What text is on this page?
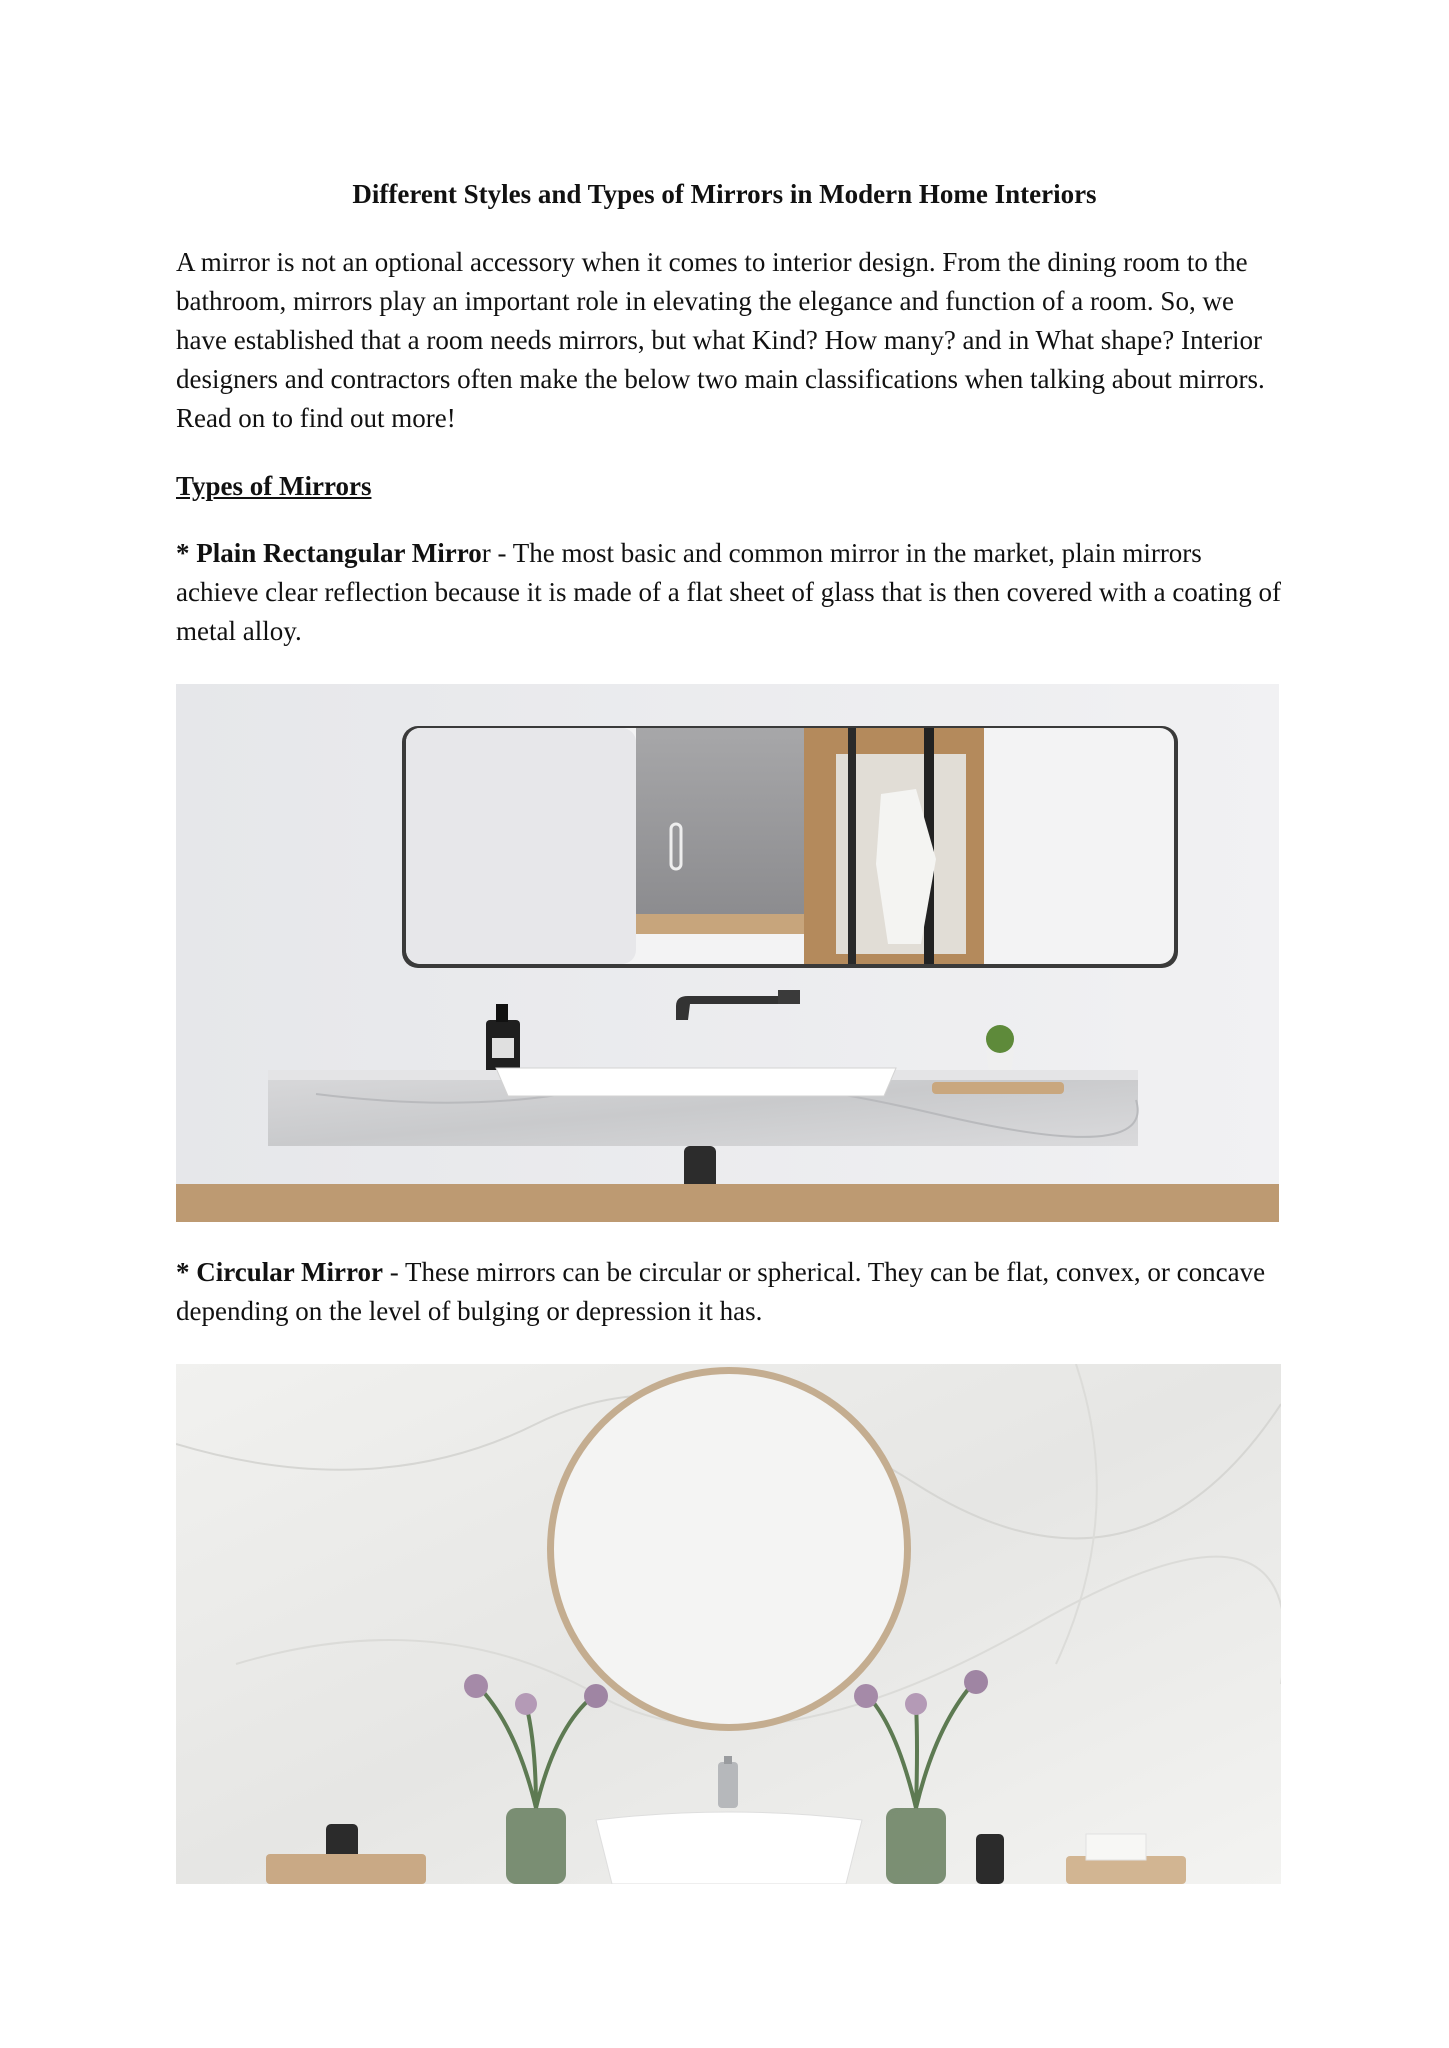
Different Styles and Types of Mirrors in Modern Home Interiors

A mirror is not an optional accessory when it comes to interior design. From the dining room to the bathroom, mirrors play an important role in elevating the elegance and function of a room. So, we have established that a room needs mirrors, but what Kind? How many? and in What shape? Interior designers and contractors often make the below two main classifications when talking about mirrors. Read on to find out more!

Types of Mirrors

* Plain Rectangular Mirror - The most basic and common mirror in the market, plain mirrors achieve clear reflection because it is made of a flat sheet of glass that is then covered with a coating of metal alloy.

* Circular Mirror - These mirrors can be circular or spherical. They can be flat, convex, or concave depending on the level of bulging or depression it has.
